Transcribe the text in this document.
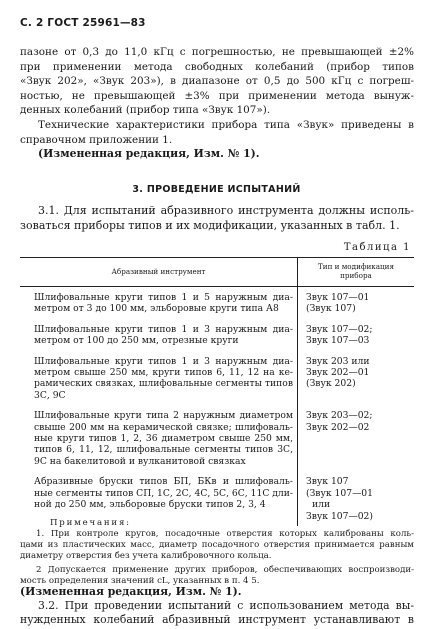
С. 2 ГОСТ 25961—83
пазоне от 0,3 до 11,0 кГц с погрешностью, не превышающей ±2%
при применении метода свободных колебаний (прибор типов
«Звук 202», «Звук 203»), в диапазоне от 0,5 до 500 кГц с погреш-
ностью, не превышающей ±3% при применении метода вынуж-
денных колебаний (прибор типа «Звук 107»).
Технические характеристики прибора типа «Звук» приведены в
справочном приложении 1.
(Измененная редакция, Изм. № 1).
3. ПРОВЕДЕНИЕ ИСПЫТАНИЙ
3.1. Для испытаний абразивного инструмента должны исполь-
зоваться приборы типов и их модификации, указанных в табл. 1.
Таблица 1
Абразивный инструмент	Тип и модификация прибора

Шлифовальные круги типов 1 и 5 наружным диа-
метром от 3 до 100 мм, эльборовые круги типа А8	Звук 107—01
(Звук 107)

Шлифовальные круги типов 1 и 3 наружным диа-
метром от 100 до 250 мм, отрезные круги	Звук 107—02;
Звук 107—03

Шлифовальные круги типов 1 и 3 наружным диа-
метром свыше 250 мм, круги типов 6, 11, 12 на ке-
рамических связках, шлифовальные сегменты типов
3С, 9С	Звук 203 или
Звук 202—01
(Звук 202)

Шлифовальные круги типа 2 наружным диаметром
свыше 200 мм на керамической связке; шлифоваль-
ные круги типов 1, 2, 36 диаметром свыше 250 мм,
типов 6, 11, 12, шлифовальные сегменты типов 3С,
9С на бакелитовой и вулканитовой связках	Звук 203—02;
Звук 202—02

Абразивные бруски типов БП, БКв и шлифоваль-
ные сегменты типов СП, 1С, 2С, 4С, 5С, 6С, 11С дли-
ной до 250 мм, эльборовые бруски типов 2, 3, 4	Звук 107
(Звук 107—01
или
Звук 107—02)
Примечания:
1. При контроле кругов, посадочные отверстия которых калиброваны коль-
цами из пластических масс, диаметр посадочного отверстия принимается равным
диаметру отверстия без учета калибровочного кольца.
2 Допускается применение других приборов, обеспечивающих воспроизводи-
мость определения значений cL, указанных в п. 4 5.
(Измененная редакция, Изм. № 1).
3.2. При проведении испытаний с использованием метода вы-
нужденных колебаний абразивный инструмент устанавливают в
